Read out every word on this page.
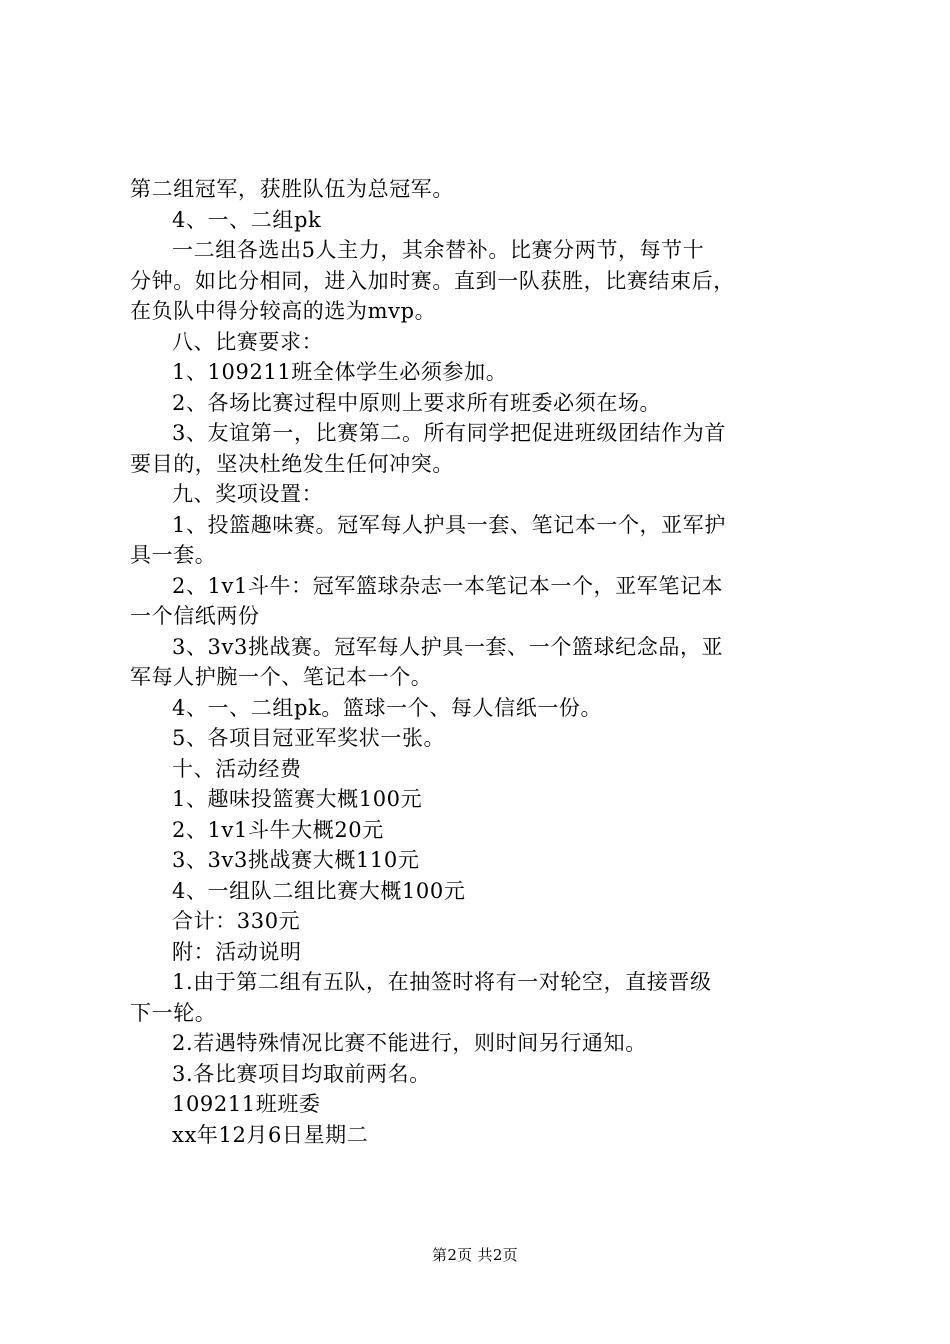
第二组冠军，获胜队伍为总冠军。
4、一、二组pk
一二组各选出5人主力，其余替补。比赛分两节，每节十
分钟。如比分相同，进入加时赛。直到一队获胜，比赛结束后，
在负队中得分较高的选为mvp。
八、比赛要求：
1、109211班全体学生必须参加。
2、各场比赛过程中原则上要求所有班委必须在场。
3、友谊第一，比赛第二。所有同学把促进班级团结作为首
要目的，坚决杜绝发生任何冲突。
九、奖项设置：
1、投篮趣味赛。冠军每人护具一套、笔记本一个，亚军护
具一套。
2、1v1斗牛：冠军篮球杂志一本笔记本一个，亚军笔记本
一个信纸两份
3、3v3挑战赛。冠军每人护具一套、一个篮球纪念品，亚
军每人护腕一个、笔记本一个。
4、一、二组pk。篮球一个、每人信纸一份。
5、各项目冠亚军奖状一张。
十、活动经费
1、趣味投篮赛大概100元
2、1v1斗牛大概20元
3、3v3挑战赛大概110元
4、一组队二组比赛大概100元
合计：330元
附：活动说明
1.由于第二组有五队，在抽签时将有一对轮空，直接晋级
下一轮。
2.若遇特殊情况比赛不能进行，则时间另行通知。
3.各比赛项目均取前两名。
109211班班委
xx年12月6日星期二
第2页 共2页
